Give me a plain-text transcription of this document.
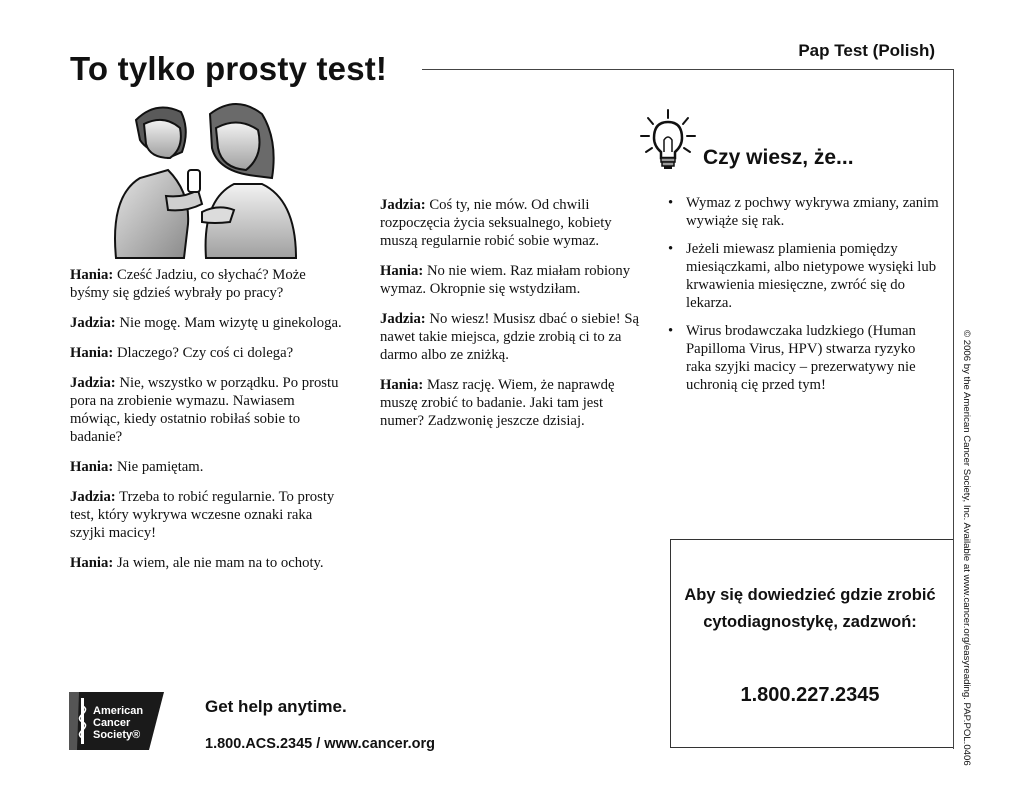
To tylko prosty test!	Pap Test (Polish)

Hania: Cześć Jadziu, co słychać? Może byśmy się gdzieś wybrały po pracy?

Jadzia: Nie mogę. Mam wizytę u ginekologa.

Hania: Dlaczego? Czy coś ci dolega?

Jadzia: Nie, wszystko w porządku. Po prostu pora na zrobienie wymazu. Nawiasem mówiąc, kiedy ostatnio robiłaś sobie to badanie?

Hania: Nie pamiętam.

Jadzia: Trzeba to robić regularnie. To prosty test, który wykrywa wczesne oznaki raka szyjki macicy!

Hania: Ja wiem, ale nie mam na to ochoty.

Jadzia: Coś ty, nie mów. Od chwili rozpoczęcia życia seksualnego, kobiety muszą regularnie robić sobie wymaz.

Hania: No nie wiem. Raz miałam robiony wymaz. Okropnie się wstydziłam.

Jadzia: No wiesz! Musisz dbać o siebie! Są nawet takie miejsca, gdzie zrobią ci to za darmo albo ze zniżką.

Hania: Masz rację. Wiem, że naprawdę muszę zrobić to badanie. Jaki tam jest numer? Zadzwonię jeszcze dzisiaj.

Czy wiesz, że...
• Wymaz z pochwy wykrywa zmiany, zanim wywiąże się rak.
• Jeżeli miewasz plamienia pomiędzy miesiączkami, albo nietypowe wysięki lub krwawienia miesięczne, zwróć się do lekarza.
• Wirus brodawczaka ludzkiego (Human Papilloma Virus, HPV) stwarza ryzyko raka szyjki macicy – prezerwatywy nie uchronią cię przed tym!
Aby się dowiedzieć gdzie zrobić cytodiagnostykę, zadzwoń:
1.800.227.2345	© 2006 by the American Cancer Society, Inc. Available at www.cancer.org/easyreading. PAP.POL.0406
American
Cancer
Society®
Get help anytime.
1.800.ACS.2345 / www.cancer.org
